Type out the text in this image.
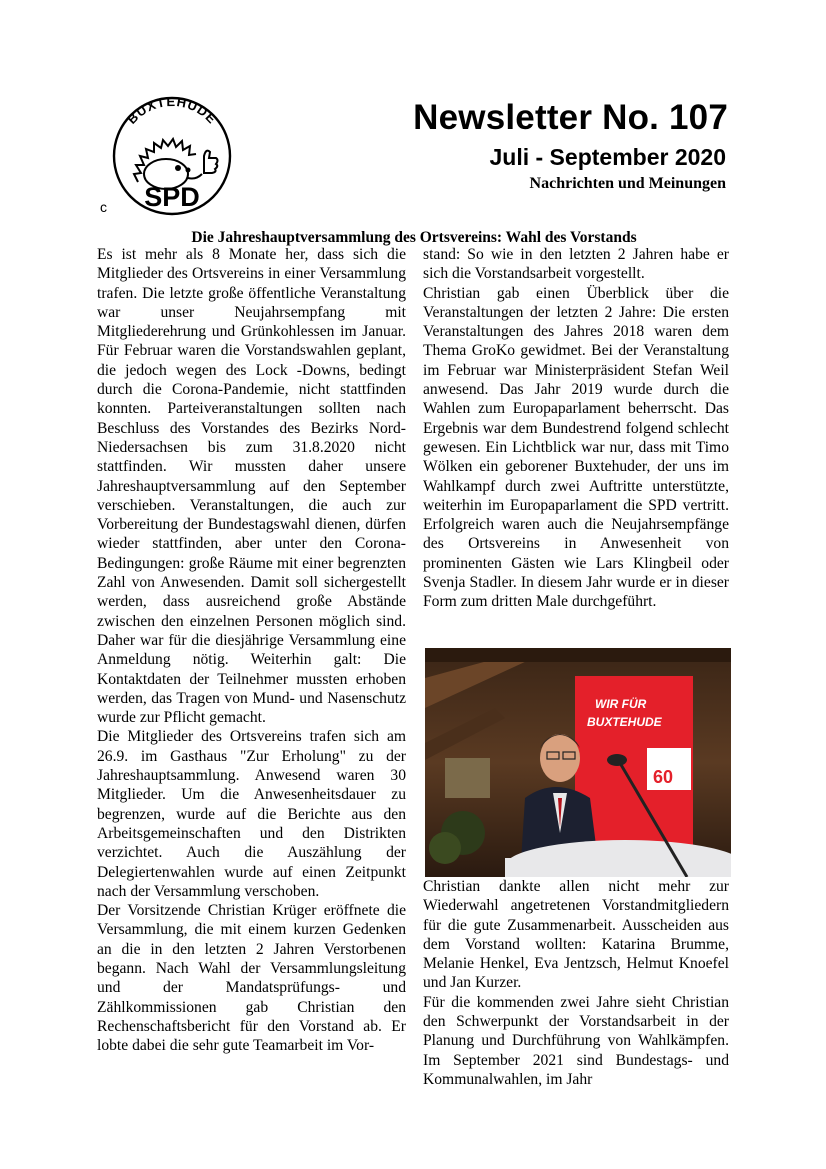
BUXTEHUDE
SPD
c
Newsletter No. 107
Juli - September 2020
Nachrichten und Meinungen
Die Jahreshauptversammlung des Ortsvereins: Wahl des Vorstands

Es ist mehr als 8 Monate her, dass sich die Mitglieder des Ortsvereins in einer Versammlung trafen. Die letzte große öffentliche Veranstaltung war unser Neujahrsempfang mit Mitgliederehrung und Grünkohlessen im Januar. Für Februar waren die Vorstandswahlen geplant, die jedoch wegen des Lock -Downs, bedingt durch die Corona-Pandemie, nicht stattfinden konnten. Parteiveranstaltungen sollten nach Beschluss des Vorstandes des Bezirks Nord-Niedersachsen bis zum 31.8.2020 nicht stattfinden. Wir mussten daher unsere Jahreshauptversammlung auf den September verschieben. Veranstaltungen, die auch zur Vorbereitung der Bundestagswahl dienen, dürfen wieder stattfinden, aber unter den Corona-Bedingungen: große Räume mit einer begrenzten Zahl von Anwesenden. Damit soll sichergestellt werden, dass ausreichend große Abstände zwischen den einzelnen Personen möglich sind. Daher war für die diesjährige Versammlung eine Anmeldung nötig. Weiterhin galt: Die Kontaktdaten der Teilnehmer mussten erhoben werden, das Tragen von Mund- und Nasenschutz wurde zur Pflicht gemacht.

Die Mitglieder des Ortsvereins trafen sich am 26.9. im Gasthaus "Zur Erholung" zu der Jahreshauptsammlung. Anwesend waren 30 Mitglieder. Um die Anwesenheitsdauer zu begrenzen, wurde auf die Berichte aus den Arbeitsgemeinschaften und den Distrikten verzichtet. Auch die Auszählung der Delegiertenwahlen wurde auf einen Zeitpunkt nach der Versammlung verschoben.

Der Vorsitzende Christian Krüger eröffnete die Versammlung, die mit einem kurzen Gedenken an die in den letzten 2 Jahren Verstorbenen begann. Nach Wahl der Versammlungsleitung und der Mandatsprüfungs- und Zählkommissionen gab Christian den Rechenschaftsbericht für den Vorstand ab. Er lobte dabei die sehr gute Teamarbeit im Vor-

stand: So wie in den letzten 2 Jahren habe er sich die Vorstandsarbeit vorgestellt.

Christian gab einen Überblick über die Veranstaltungen der letzten 2 Jahre: Die ersten Veranstaltungen des Jahres 2018 waren dem Thema GroKo gewidmet. Bei der Veranstaltung im Februar war Ministerpräsident Stefan Weil anwesend. Das Jahr 2019 wurde durch die Wahlen zum Europaparlament beherrscht. Das Ergebnis war dem Bundestrend folgend schlecht gewesen. Ein Lichtblick war nur, dass mit Timo Wölken ein geborener Buxtehuder, der uns im Wahlkampf durch zwei Auftritte unterstützte, weiterhin im Europaparlament die SPD vertritt. Erfolgreich waren auch die Neujahrsempfänge des Ortsvereins in Anwesenheit von prominenten Gästen wie Lars Klingbeil oder Svenja Stadler. In diesem Jahr wurde er in dieser Form zum dritten Male durchgeführt.

WIR FÜR
BUXTEHUDE
60

Christian dankte allen nicht mehr zur Wiederwahl angetretenen Vorstandmitgliedern für die gute Zusammenarbeit. Ausscheiden aus dem Vorstand wollten: Katarina Brumme, Melanie Henkel, Eva Jentzsch, Helmut Knoefel und Jan Kurzer.

Für die kommenden zwei Jahre sieht Christian den Schwerpunkt der Vorstandsarbeit in der Planung und Durchführung von Wahlkämpfen. Im September 2021 sind Bundestags- und Kommunalwahlen, im Jahr
